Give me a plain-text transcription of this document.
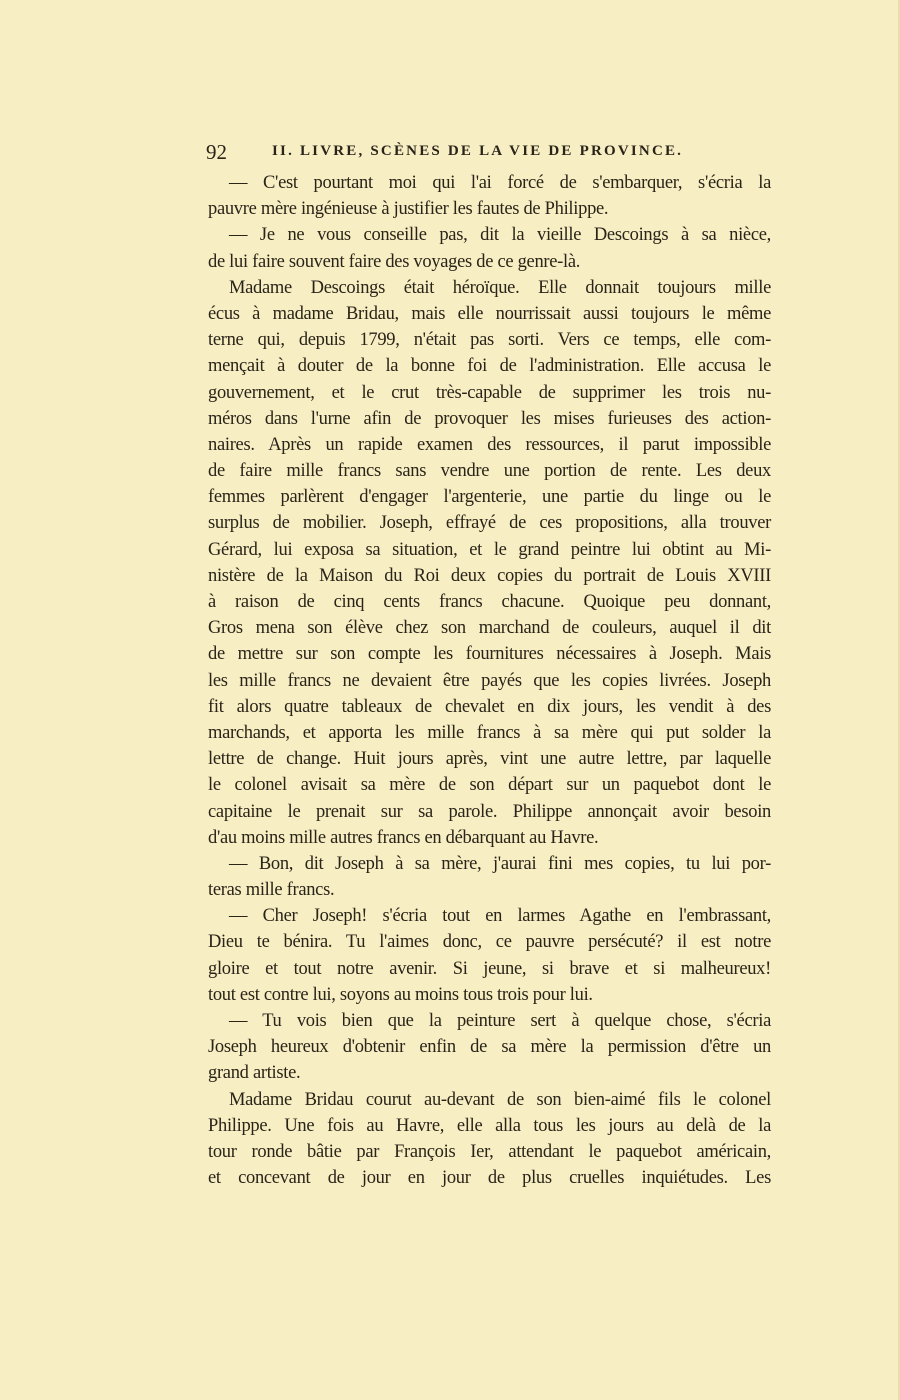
92	II. LIVRE, SCÈNES DE LA VIE DE PROVINCE.
— C'est pourtant moi qui l'ai forcé de s'embarquer, s'écria la
pauvre mère ingénieuse à justifier les fautes de Philippe.
— Je ne vous conseille pas, dit la vieille Descoings à sa nièce,
de lui faire souvent faire des voyages de ce genre-là.
Madame Descoings était héroïque. Elle donnait toujours mille
écus à madame Bridau, mais elle nourrissait aussi toujours le même
terne qui, depuis 1799, n'était pas sorti. Vers ce temps, elle com-
mençait à douter de la bonne foi de l'administration. Elle accusa le
gouvernement, et le crut très-capable de supprimer les trois nu-
méros dans l'urne afin de provoquer les mises furieuses des action-
naires. Après un rapide examen des ressources, il parut impossible
de faire mille francs sans vendre une portion de rente. Les deux
femmes parlèrent d'engager l'argenterie, une partie du linge ou le
surplus de mobilier. Joseph, effrayé de ces propositions, alla trouver
Gérard, lui exposa sa situation, et le grand peintre lui obtint au Mi-
nistère de la Maison du Roi deux copies du portrait de Louis XVIII
à raison de cinq cents francs chacune. Quoique peu donnant,
Gros mena son élève chez son marchand de couleurs, auquel il dit
de mettre sur son compte les fournitures nécessaires à Joseph. Mais
les mille francs ne devaient être payés que les copies livrées. Joseph
fit alors quatre tableaux de chevalet en dix jours, les vendit à des
marchands, et apporta les mille francs à sa mère qui put solder la
lettre de change. Huit jours après, vint une autre lettre, par laquelle
le colonel avisait sa mère de son départ sur un paquebot dont le
capitaine le prenait sur sa parole. Philippe annonçait avoir besoin
d'au moins mille autres francs en débarquant au Havre.
— Bon, dit Joseph à sa mère, j'aurai fini mes copies, tu lui por-
teras mille francs.
— Cher Joseph! s'écria tout en larmes Agathe en l'embrassant,
Dieu te bénira. Tu l'aimes donc, ce pauvre persécuté? il est notre
gloire et tout notre avenir. Si jeune, si brave et si malheureux!
tout est contre lui, soyons au moins tous trois pour lui.
— Tu vois bien que la peinture sert à quelque chose, s'écria
Joseph heureux d'obtenir enfin de sa mère la permission d'être un
grand artiste.
Madame Bridau courut au-devant de son bien-aimé fils le colonel
Philippe. Une fois au Havre, elle alla tous les jours au delà de la
tour ronde bâtie par François Ier, attendant le paquebot américain,
et concevant de jour en jour de plus cruelles inquiétudes. Les
